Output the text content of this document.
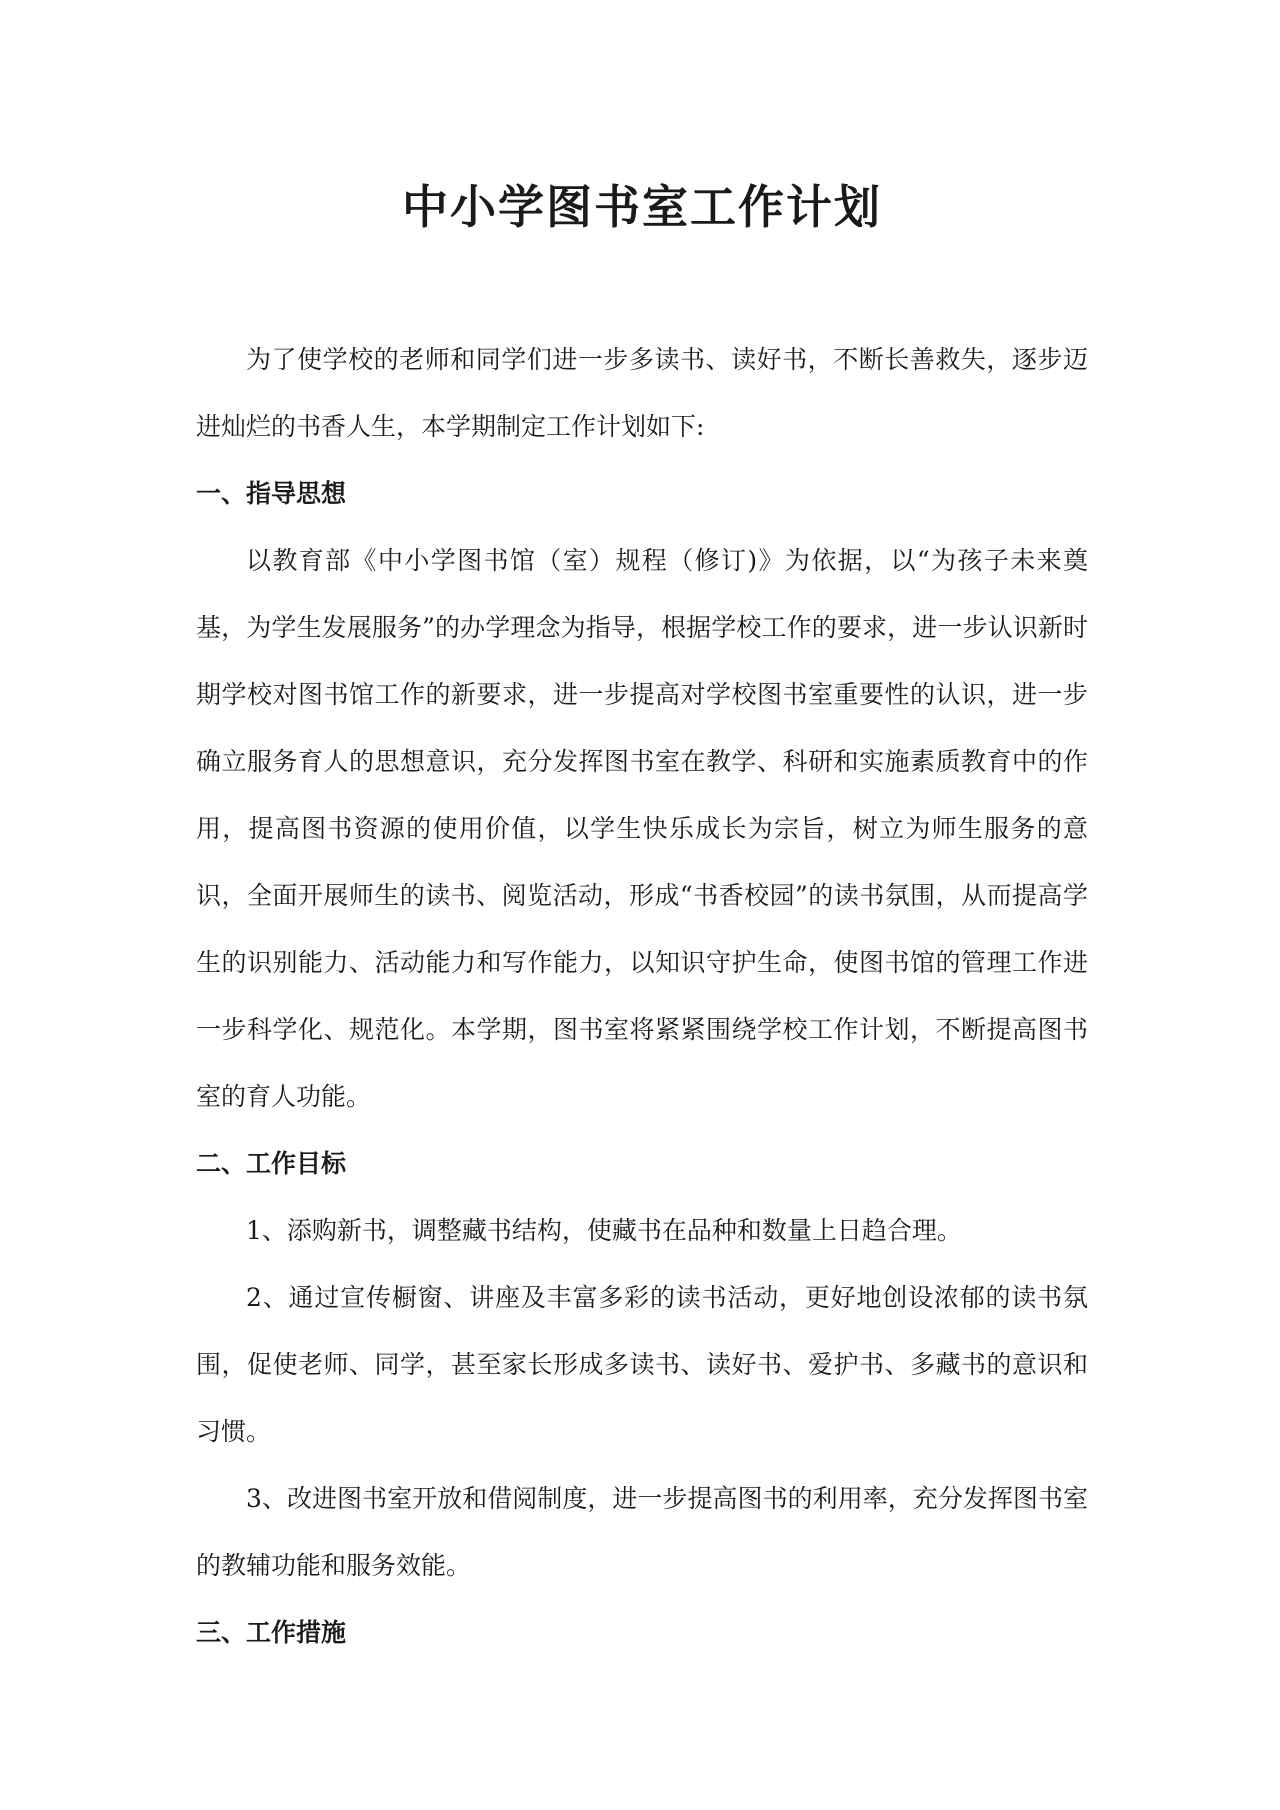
中小学图书室工作计划

为了使学校的老师和同学们进一步多读书、读好书，不断长善救失，逐步迈进灿烂的书香人生，本学期制定工作计划如下:

一、指导思想

以教育部《中小学图书馆（室）规程（修订)》为依据，以“为孩子未来奠基，为学生发展服务”的办学理念为指导，根据学校工作的要求，进一步认识新时期学校对图书馆工作的新要求，进一步提高对学校图书室重要性的认识，进一步确立服务育人的思想意识，充分发挥图书室在教学、科研和实施素质教育中的作用，提高图书资源的使用价值，以学生快乐成长为宗旨，树立为师生服务的意识，全面开展师生的读书、阅览活动，形成“书香校园”的读书氛围，从而提高学生的识别能力、活动能力和写作能力，以知识守护生命，使图书馆的管理工作进一步科学化、规范化。本学期，图书室将紧紧围绕学校工作计划，不断提高图书室的育人功能。

二、工作目标

1、添购新书，调整藏书结构，使藏书在品种和数量上日趋合理。

2、通过宣传橱窗、讲座及丰富多彩的读书活动，更好地创设浓郁的读书氛围，促使老师、同学，甚至家长形成多读书、读好书、爱护书、多藏书的意识和习惯。

3、改进图书室开放和借阅制度，进一步提高图书的利用率，充分发挥图书室的教辅功能和服务效能。

三、工作措施
